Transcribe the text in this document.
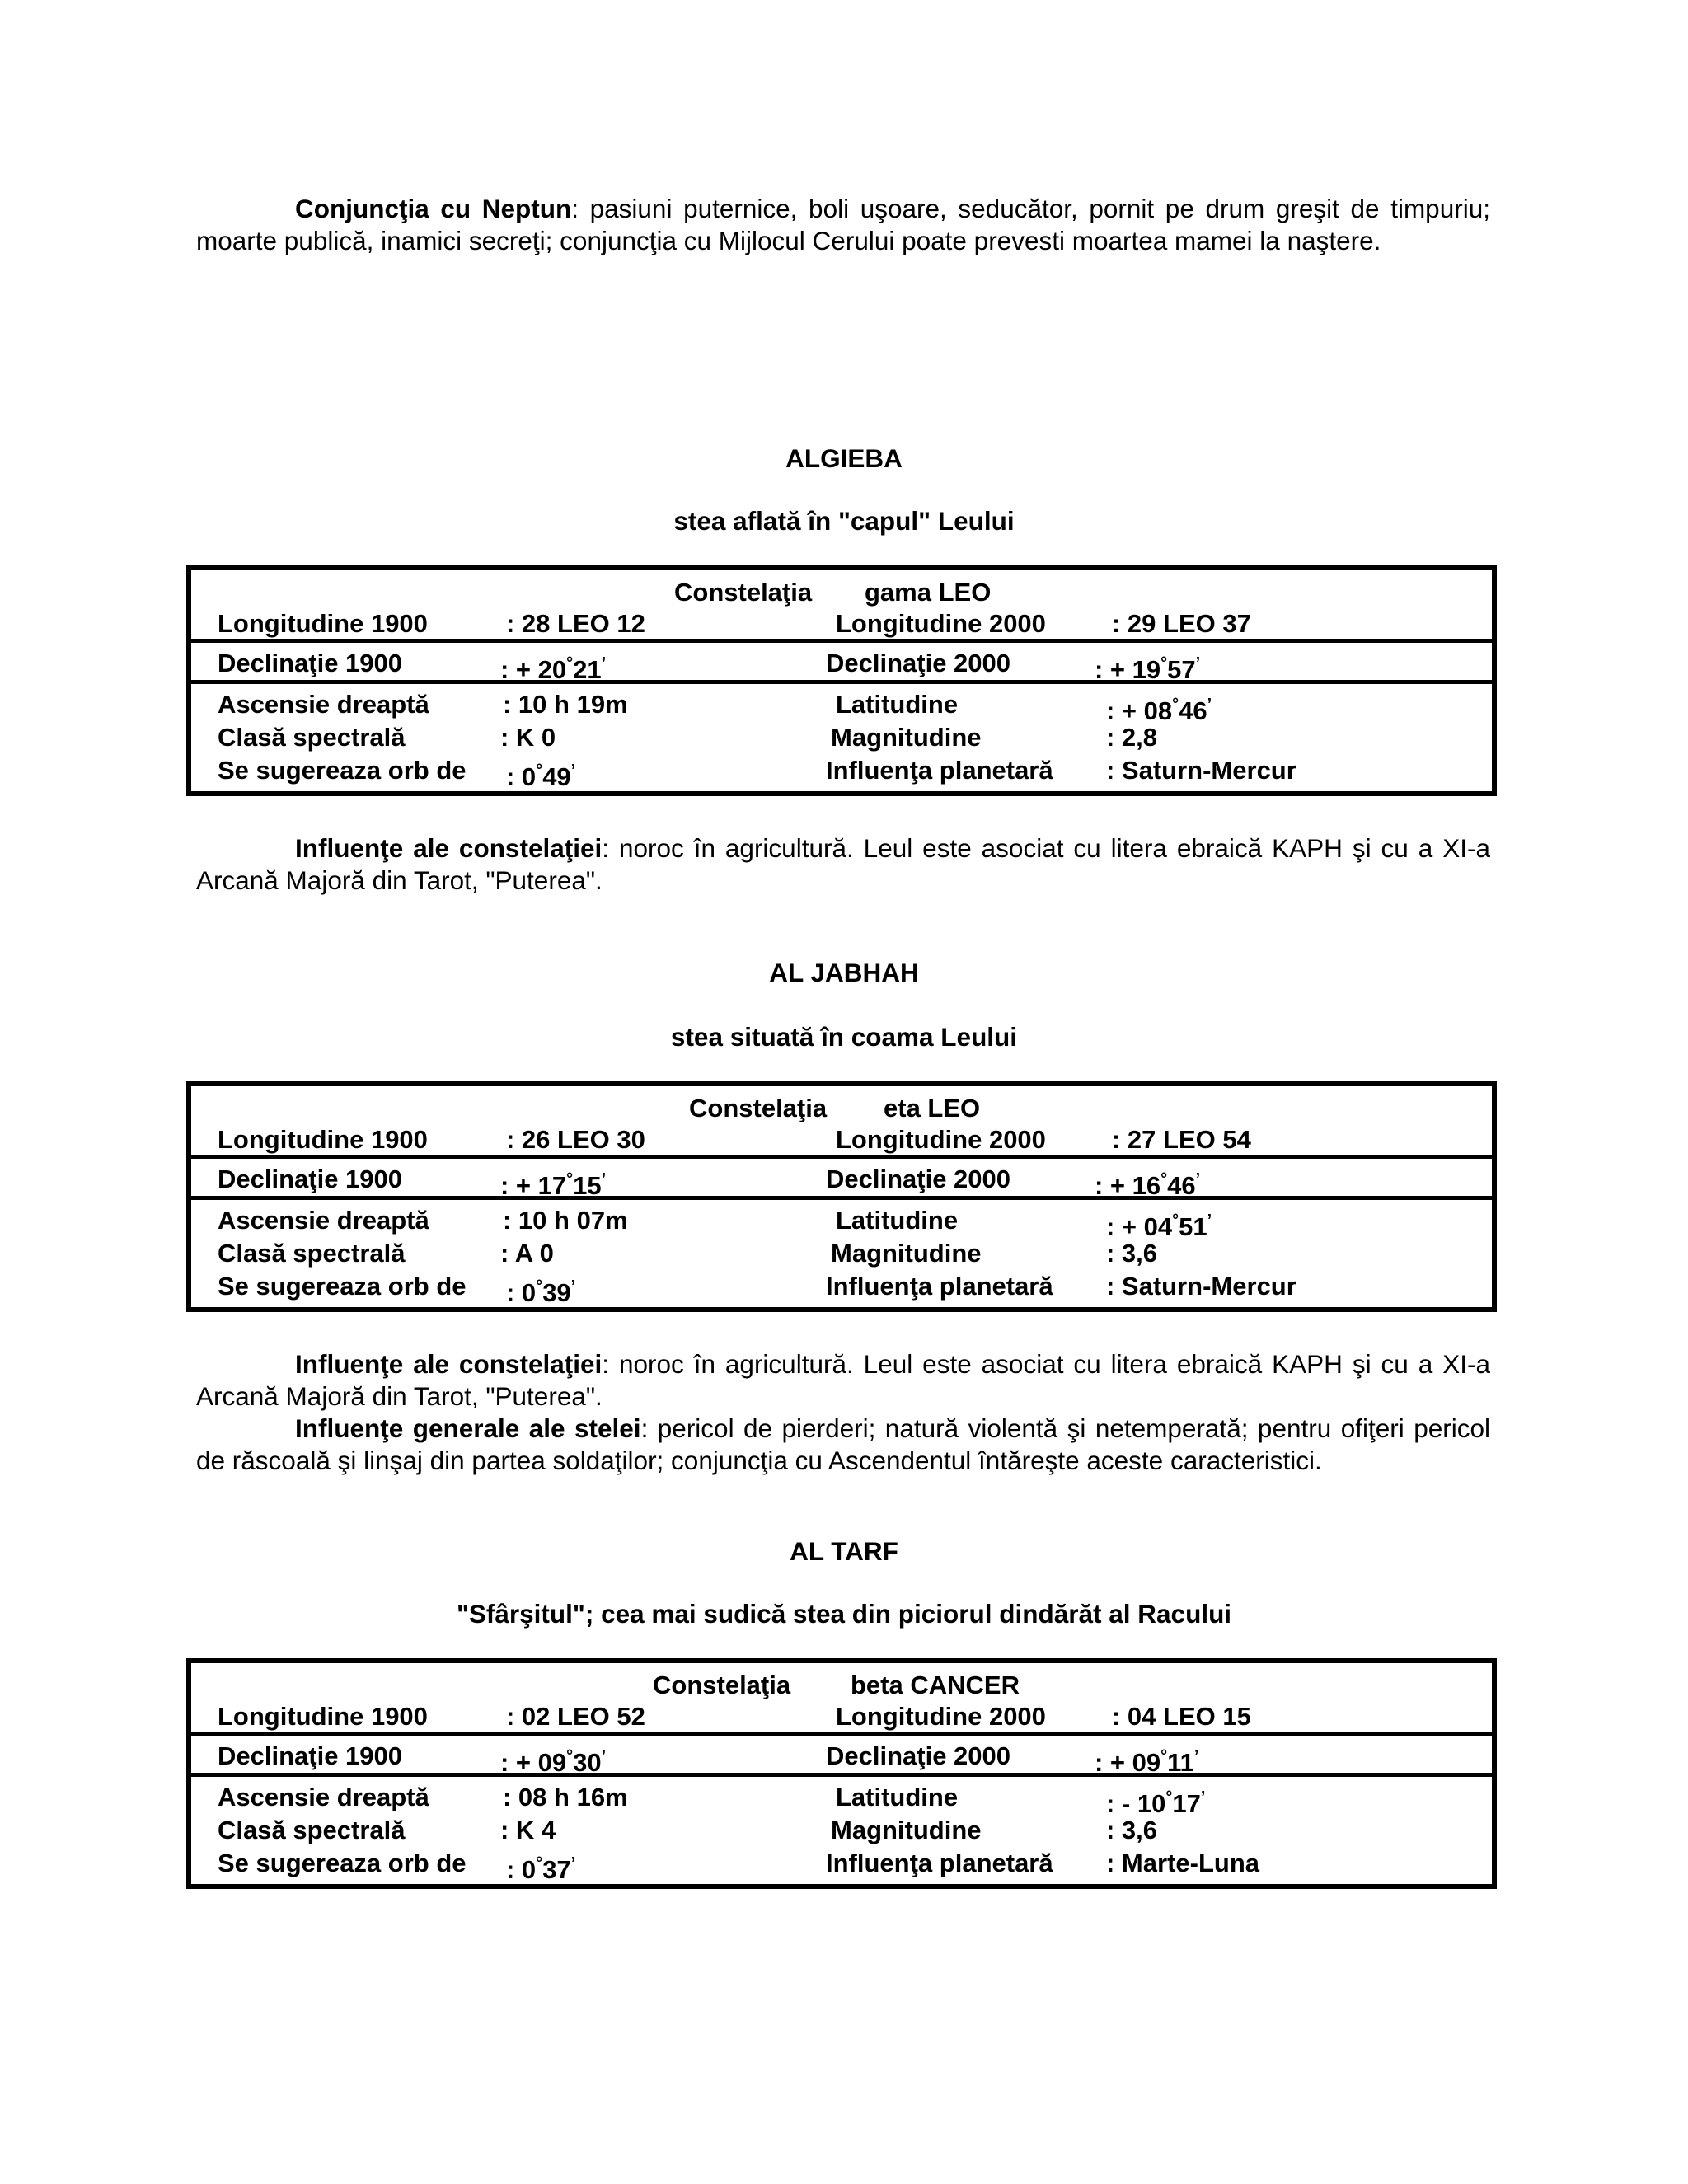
Conjuncţia cu Neptun: pasiuni puternice, boli uşoare, seducător, pornit pe drum greşit de timpuriu; moarte publică, inamici secreţi; conjuncţia cu Mijlocul Cerului poate prevesti moartea mamei la naştere.

ALGIEBA

stea aflată în "capul" Leului

Constelaţia gama LEO
Longitudine 1900	: 28 LEO 12	Longitudine 2000	: 29 LEO 37
Declinaţie 1900	: + 20°21’	Declinaţie 2000	: + 19°57’
Ascensie dreaptă	: 10 h 19m	Latitudine	: + 08°46’
Clasă spectrală	: K 0	Magnitudine	: 2,8
Se sugereaza orb de : 0°49’	Influenţa planetară : Saturn-Mercur

Influenţe ale constelaţiei: noroc în agricultură. Leul este asociat cu litera ebraică KAPH şi cu a XI-a Arcană Majoră din Tarot, "Puterea".

AL JABHAH

stea situată în coama Leului

Constelaţia eta LEO
Longitudine 1900	: 26 LEO 30	Longitudine 2000	: 27 LEO 54
Declinaţie 1900	: + 17°15’	Declinaţie 2000	: + 16°46’
Ascensie dreaptă	: 10 h 07m	Latitudine	: + 04°51’
Clasă spectrală	: A 0	Magnitudine	: 3,6
Se sugereaza orb de : 0°39’	Influenţa planetară : Saturn-Mercur

Influenţe ale constelaţiei: noroc în agricultură. Leul este asociat cu litera ebraică KAPH şi cu a XI-a Arcană Majoră din Tarot, "Puterea".

Influenţe generale ale stelei: pericol de pierderi; natură violentă şi netemperată; pentru ofiţeri pericol de răscoală şi linşaj din partea soldaţilor; conjuncţia cu Ascendentul întăreşte aceste caracteristici.

AL TARF

"Sfârşitul"; cea mai sudică stea din piciorul dindărăt al Racului

Constelaţia beta CANCER
Longitudine 1900	: 02 LEO 52	Longitudine 2000	: 04 LEO 15
Declinaţie 1900	: + 09°30’	Declinaţie 2000	: + 09°11’
Ascensie dreaptă	: 08 h 16m	Latitudine	: - 10°17’
Clasă spectrală	: K 4	Magnitudine	: 3,6
Se sugereaza orb de : 0°37’	Influenţa planetară : Marte-Luna
